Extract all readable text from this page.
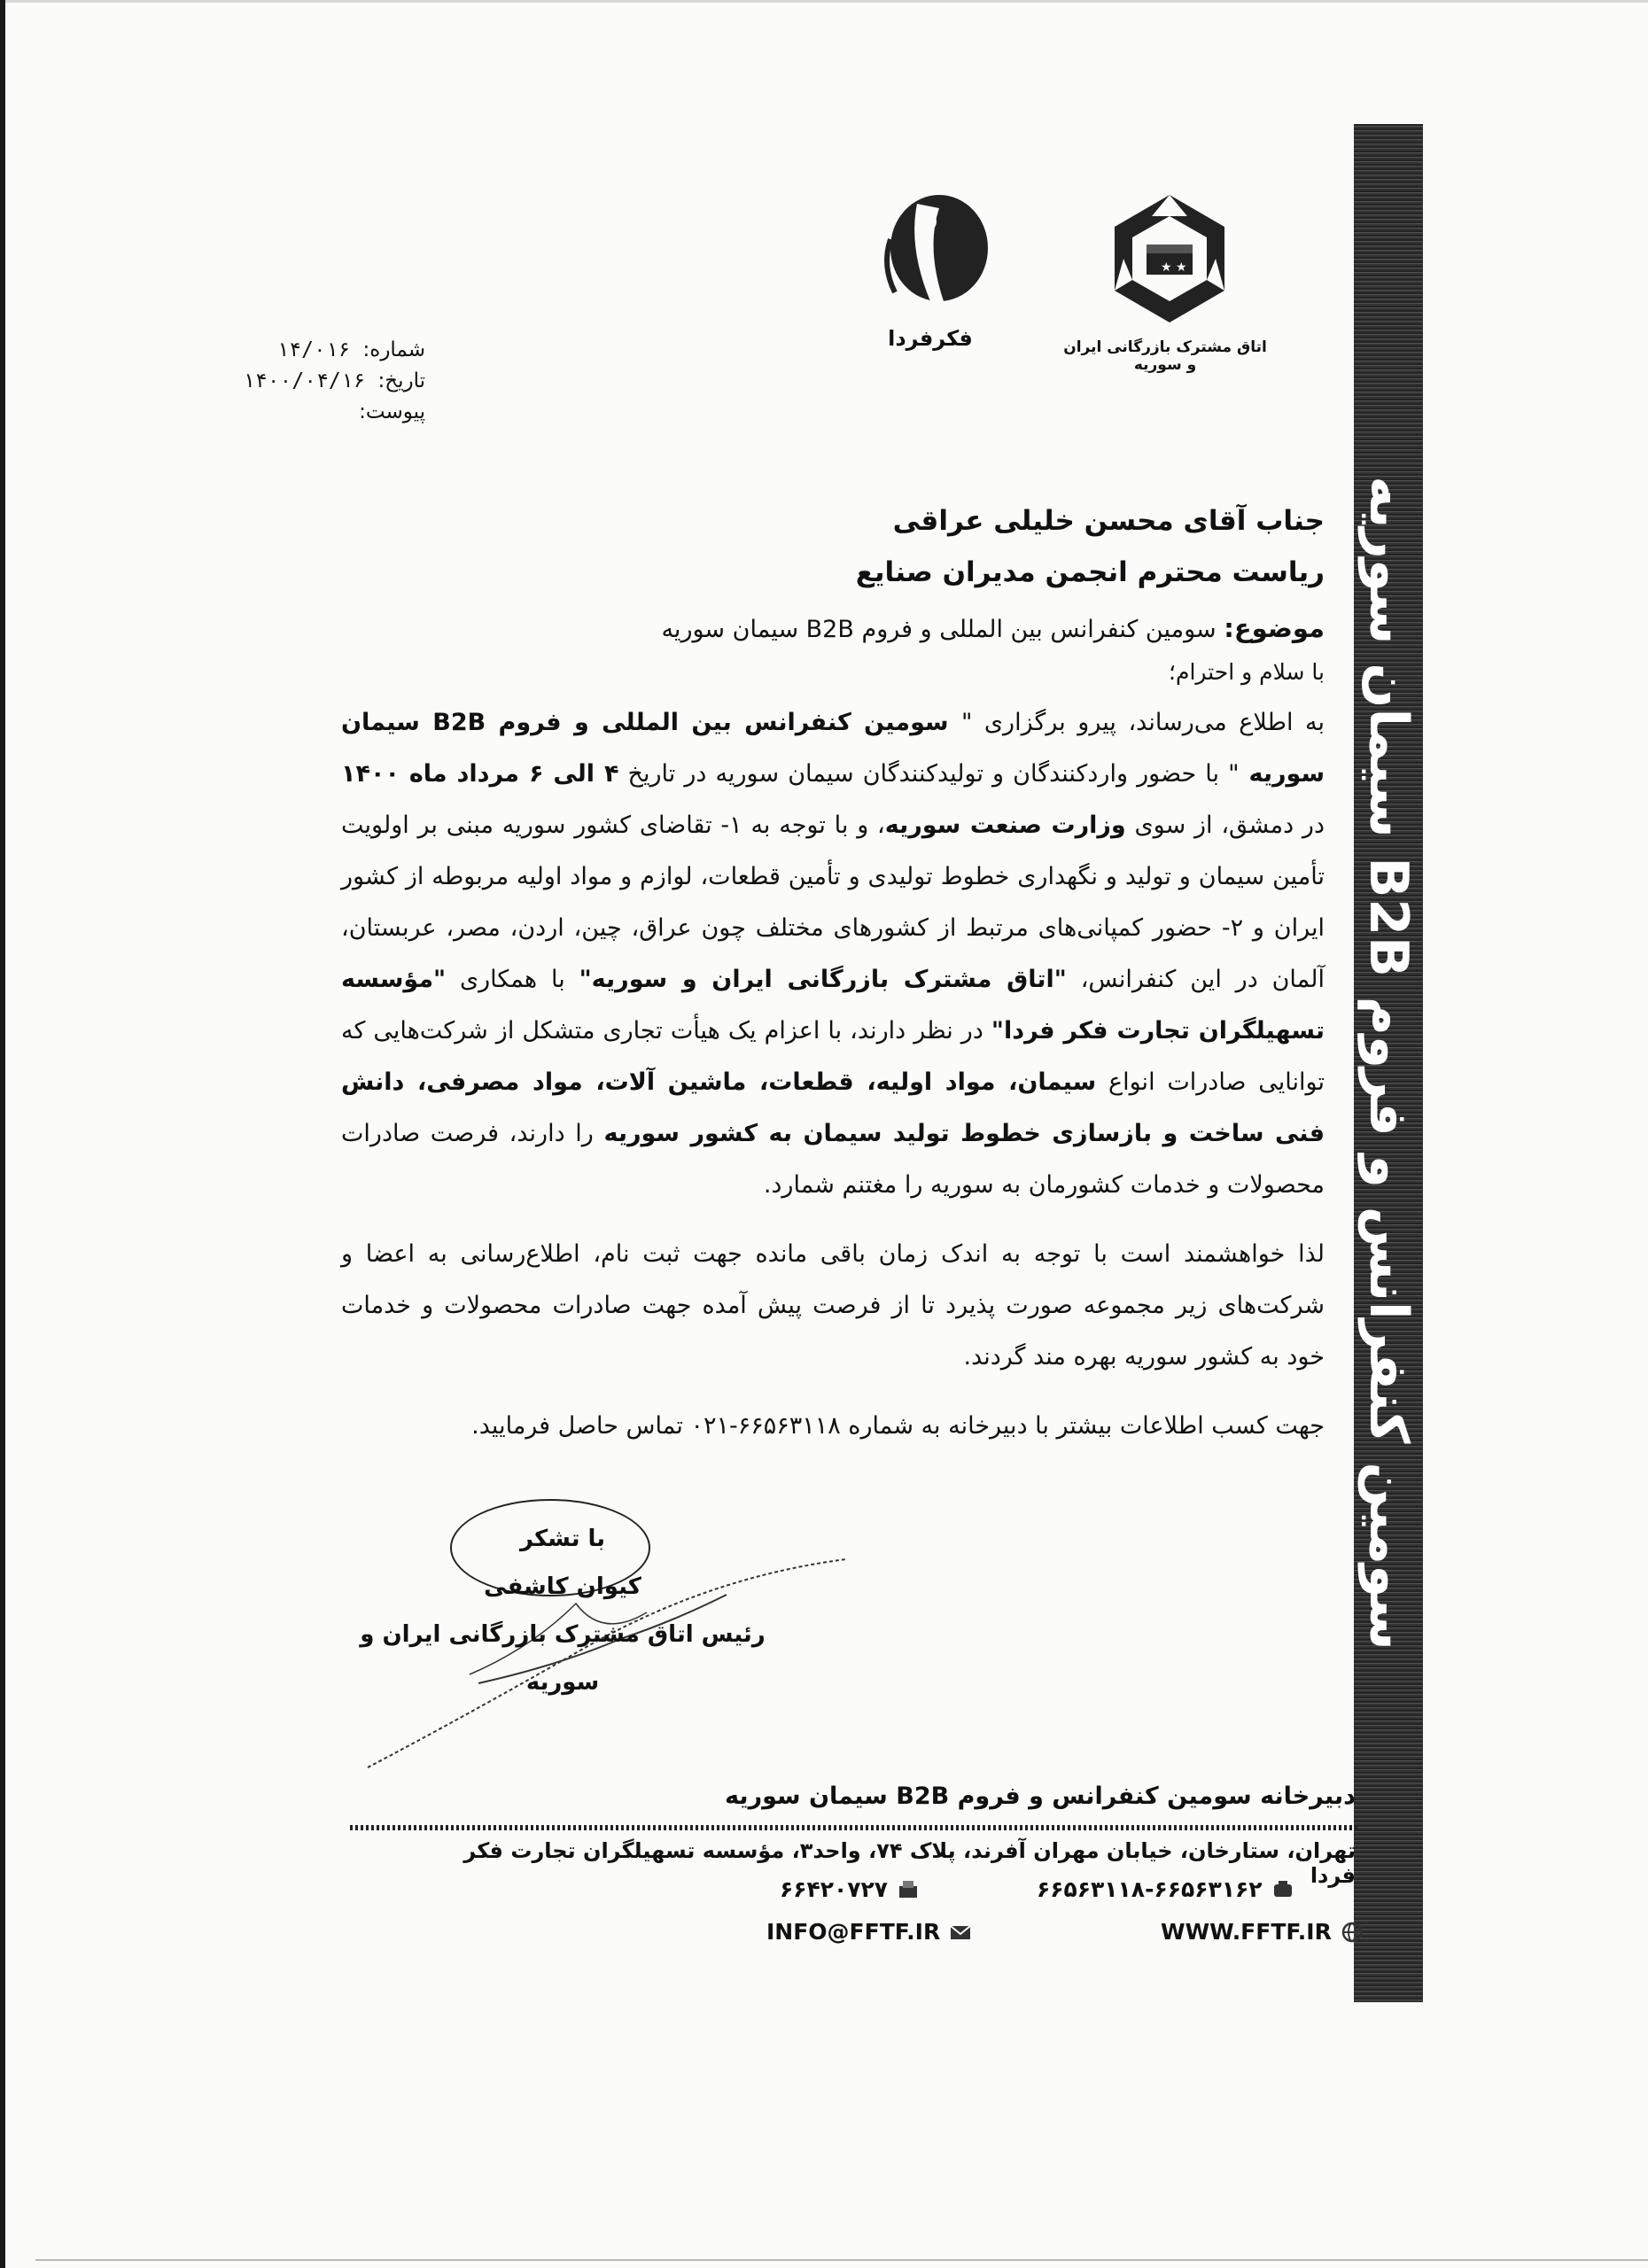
سومین کنفرانس و فروم B2B سیمان سوریه
★ ★
اتاق مشترک بازرگانی ایران و سوریه
فکرفردا
۱۴/۰۱۶ شماره:
۱۴۰۰/۰۴/۱۶ تاریخ:
پیوست:
جناب آقای محسن خلیلی عراقی
ریاست محترم انجمن مدیران صنایع
موضوع: سومین کنفرانس بین المللی و فروم B2B سیمان سوریه
با سلام و احترام؛

به اطلاع می‌رساند، پیرو برگزاری " سومین کنفرانس بین المللی و فروم B2B سیمان سوریه " با حضور واردکنندگان و تولیدکنندگان سیمان سوریه در تاریخ ۴ الی ۶ مرداد ماه ۱۴۰۰ در دمشق، از سوی وزارت صنعت سوریه، و با توجه به ۱- تقاضای کشور سوریه مبنی بر اولویت تأمین سیمان و تولید و نگهداری خطوط تولیدی و تأمین قطعات، لوازم و مواد اولیه مربوطه از کشور ایران و ۲- حضور کمپانی‌های مرتبط از کشورهای مختلف چون عراق، چین، اردن، مصر، عربستان، آلمان در این کنفرانس، "اتاق مشترک بازرگانی ایران و سوریه" با همکاری "مؤسسه تسهیلگران تجارت فکر فردا" در نظر دارند، با اعزام یک هیأت تجاری متشکل از شرکت‌هایی که توانایی صادرات انواع سیمان، مواد اولیه، قطعات، ماشین آلات، مواد مصرفی، دانش فنی ساخت و بازسازی خطوط تولید سیمان به کشور سوریه را دارند، فرصت صادرات محصولات و خدمات کشورمان به سوریه را مغتنم شمارد.

لذا خواهشمند است با توجه به اندک زمان باقی مانده جهت ثبت نام، اطلاع‌رسانی به اعضا و شرکت‌های زیر مجموعه صورت پذیرد تا از فرصت پیش آمده جهت صادرات محصولات و خدمات خود به کشور سوریه بهره مند گردند.

جهت کسب اطلاعات بیشتر با دبیرخانه به شماره ۶۶۵۶۳۱۱۸-۰۲۱ تماس حاصل فرمایید.

با تشکر
کیوان کاشفی
رئیس اتاق مشترک بازرگانی ایران و سوریه
دبیرخانه سومین کنفرانس و فروم B2B سیمان سوریه
تهران، ستارخان، خیابان مهران آفرند، پلاک ۷۴، واحد۳، مؤسسه تسهیلگران تجارت فکر فردا
۶۶۵۶۳۱۱۸-۶۶۵۶۳۱۶۲
۶۶۴۲۰۷۲۷
WWW.FFTF.IR
INFO@FFTF.IR
